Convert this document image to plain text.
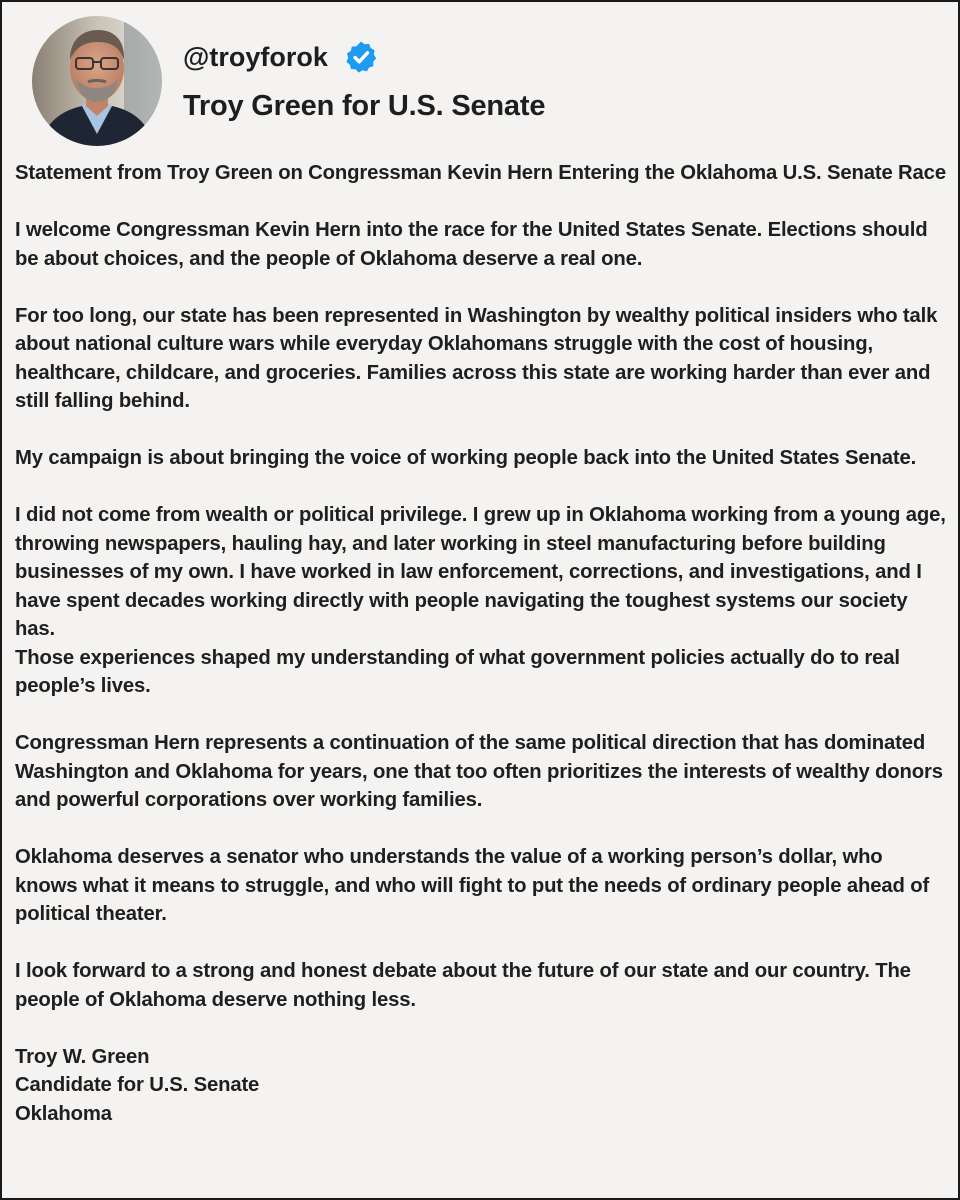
@troyforok
Troy Green for U.S. Senate

Statement from Troy Green on Congressman Kevin Hern Entering the Oklahoma U.S. Senate Race

I welcome Congressman Kevin Hern into the race for the United States Senate. Elections should be about choices, and the people of Oklahoma deserve a real one.

For too long, our state has been represented in Washington by wealthy political insiders who talk about national culture wars while everyday Oklahomans struggle with the cost of housing, healthcare, childcare, and groceries. Families across this state are working harder than ever and still falling behind.

My campaign is about bringing the voice of working people back into the United States Senate.

I did not come from wealth or political privilege. I grew up in Oklahoma working from a young age, throwing newspapers, hauling hay, and later working in steel manufacturing before building businesses of my own. I have worked in law enforcement, corrections, and investigations, and I have spent decades working directly with people navigating the toughest systems our society has.

Those experiences shaped my understanding of what government policies actually do to real people’s lives.

Congressman Hern represents a continuation of the same political direction that has dominated Washington and Oklahoma for years, one that too often prioritizes the interests of wealthy donors and powerful corporations over working families.

Oklahoma deserves a senator who understands the value of a working person’s dollar, who knows what it means to struggle, and who will fight to put the needs of ordinary people ahead of political theater.

I look forward to a strong and honest debate about the future of our state and our country. The people of Oklahoma deserve nothing less.

Troy W. Green
Candidate for U.S. Senate
Oklahoma
